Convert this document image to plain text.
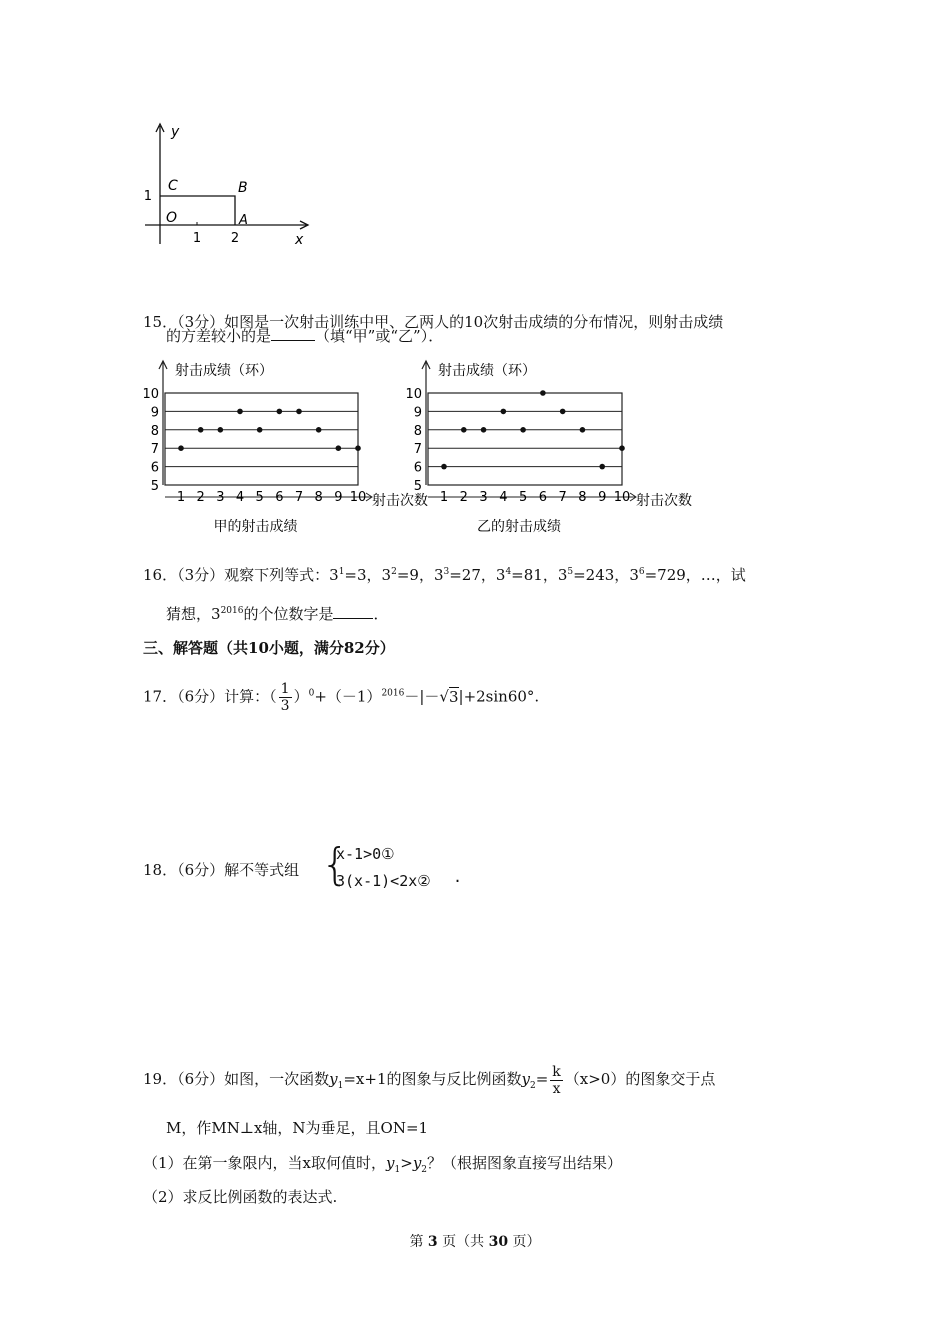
y
x
C	B
O	A
1
1 2
15．（3分）如图是一次射击训练中甲、乙两人的10次射击成绩的分布情况，则射击成绩
的方差较小的是	（填“甲”或“乙”）．
5
6
7
8
9
10
1 2 3 4 5 6 7 8 9 10
射击成绩（环）
射击次数
甲的射击成绩
5
6
7
8
9
10
1 2 3 4 5 6 7 8 9 10
射击成绩（环）
射击次数
乙的射击成绩
16．（3分）观察下列等式：$3^1=3$，$3^2=9$，$3^3=27$，$3^4=81$，$3^5=243$，$3^6=729$，…，试
猜想，$3^{2016}$的个位数字是	．
三、解答题（共10小题，满分82分）
17．（6分）计算：（ $\frac{1}{3} )^0+(-1)^{2016}-|-√3|+2\sin 60^\circ$.
18．（6分）解不等式组 {
x-1>0①
3(x-1)<2x② .
19．（6分）如图，一次函数$y_1=x+1$的图象与反比例函数$y_2= \frac{k}{x} (x>0)$的图象交于点
M，作MN⊥x轴，N为垂足，且ON=1
（1）在第一象限内，当x取何值时，$y_1>y_2$？（根据图象直接写出结果）
（2）求反比例函数的表达式.
第 3 页（共 30 页）
